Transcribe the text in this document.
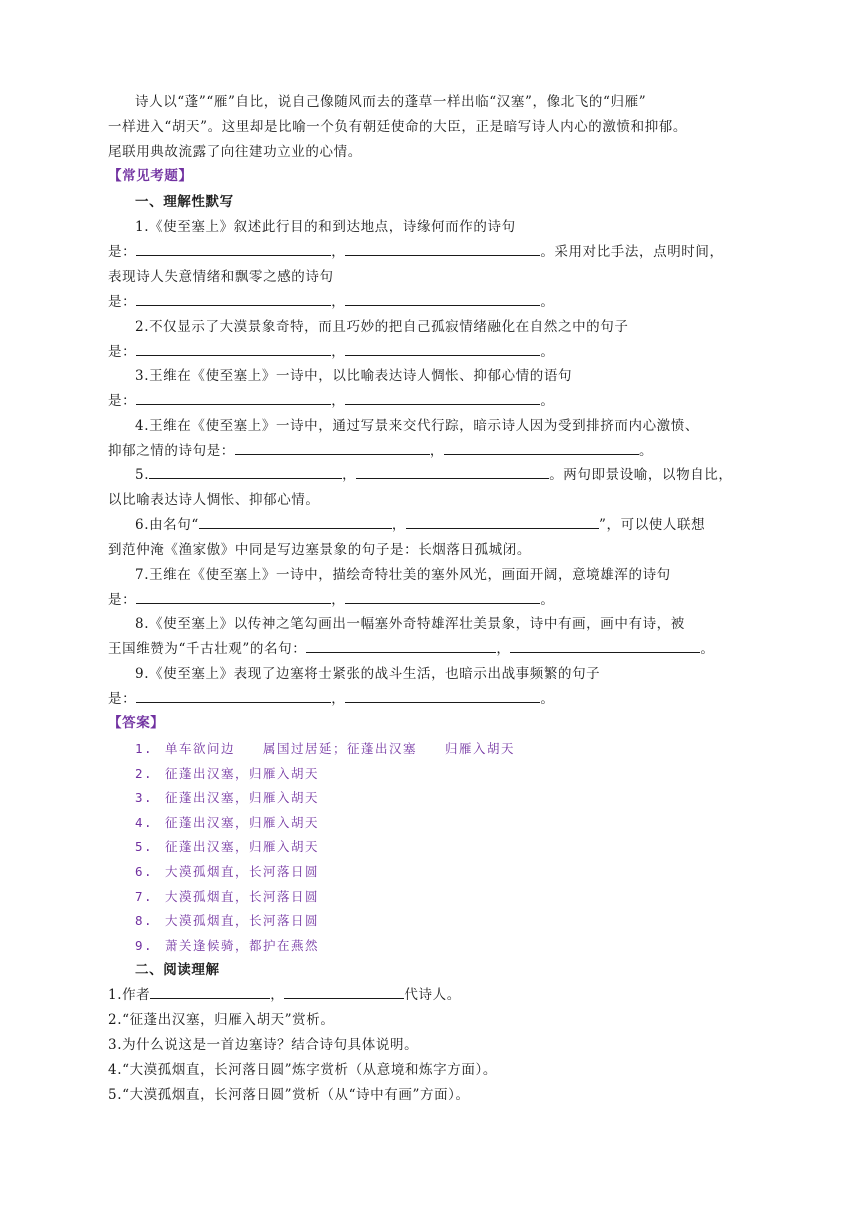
诗人以“蓬”“雁”自比，说自己像随风而去的蓬草一样出临“汉塞”，像北飞的“归雁”
一样进入“胡天”。这里却是比喻一个负有朝廷使命的大臣，正是暗写诗人内心的激愤和抑郁。
尾联用典故流露了向往建功立业的心情。
【常见考题】
一、理解性默写
1.《使至塞上》叙述此行目的和到达地点，诗缘何而作的诗句
是：	，	。采用对比手法，点明时间，
表现诗人失意情绪和飘零之感的诗句
是：	，	。
2.不仅显示了大漠景象奇特，而且巧妙的把自己孤寂情绪融化在自然之中的句子
是：	，	。
3.王维在《使至塞上》一诗中，以比喻表达诗人惆怅、抑郁心情的语句
是：	，	。
4.王维在《使至塞上》一诗中，通过写景来交代行踪，暗示诗人因为受到排挤而内心激愤、
抑郁之情的诗句是：	，	。
5.	，	。两句即景设喻，以物自比，
以比喻表达诗人惆怅、抑郁心情。
6.由名句“	，	”，可以使人联想
到范仲淹《渔家傲》中同是写边塞景象的句子是：长烟落日孤城闭。
7.王维在《使至塞上》一诗中，描绘奇特壮美的塞外风光，画面开阔，意境雄浑的诗句
是：	，	。
8.《使至塞上》以传神之笔勾画出一幅塞外奇特雄浑壮美景象，诗中有画，画中有诗，被
王国维赞为“千古壮观”的名句：	，	。
9.《使至塞上》表现了边塞将士紧张的战斗生活，也暗示出战事频繁的句子
是：	，	。
【答案】
1. 单车欲问边　　属国过居延；征蓬出汉塞　　归雁入胡天
2. 征蓬出汉塞，归雁入胡天
3. 征蓬出汉塞，归雁入胡天
4. 征蓬出汉塞，归雁入胡天
5. 征蓬出汉塞，归雁入胡天
6. 大漠孤烟直，长河落日圆
7. 大漠孤烟直，长河落日圆
8. 大漠孤烟直，长河落日圆
9. 萧关逢候骑，都护在燕然
二、阅读理解
1.作者	，	代诗人。
2.“征蓬出汉塞，归雁入胡天”赏析。
3.为什么说这是一首边塞诗？结合诗句具体说明。
4.“大漠孤烟直，长河落日圆”炼字赏析（从意境和炼字方面）。
5.“大漠孤烟直，长河落日圆”赏析（从“诗中有画”方面）。
